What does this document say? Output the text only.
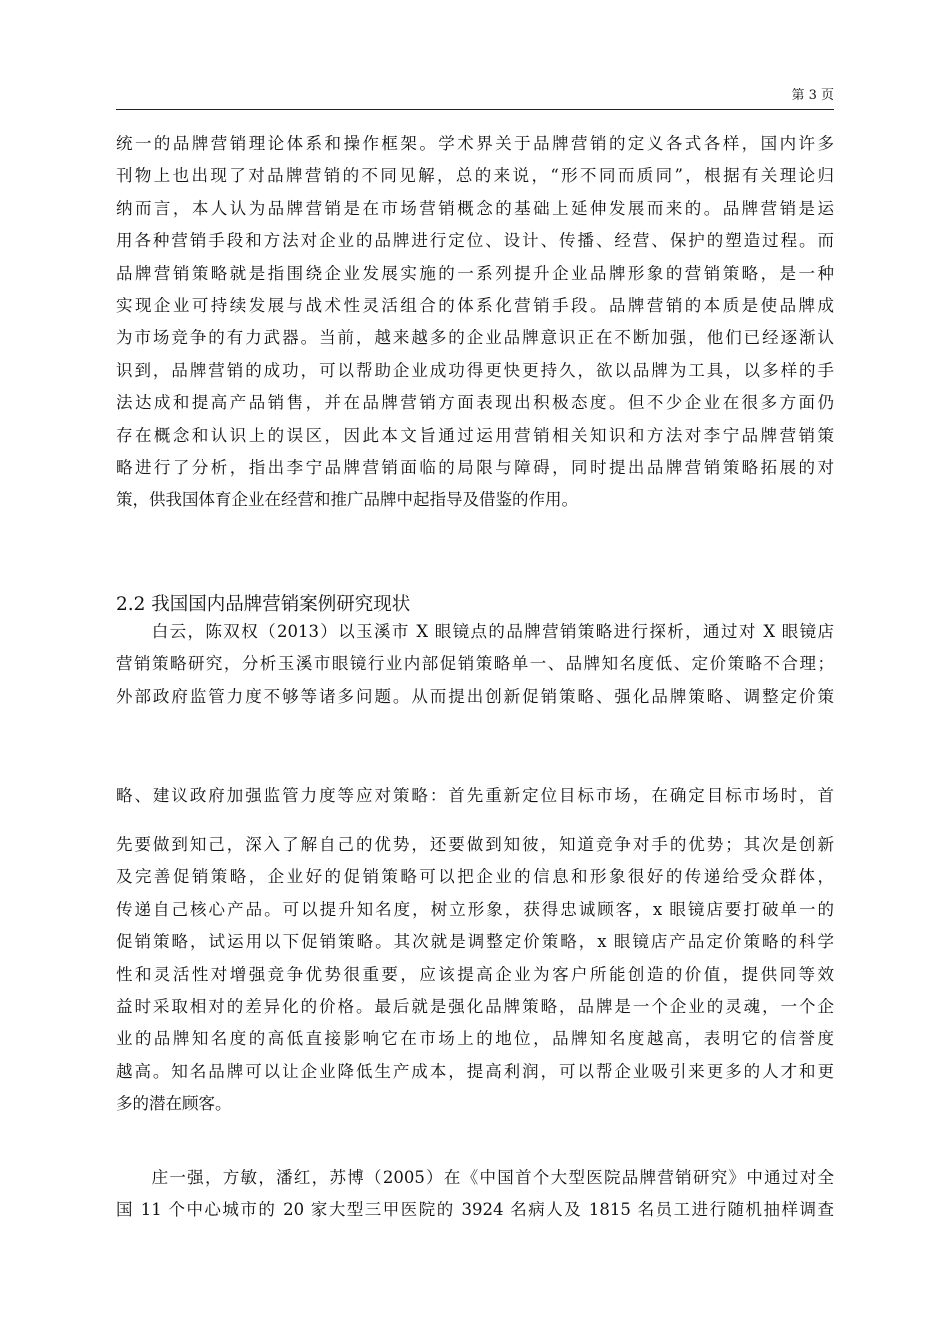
第 3 页
统一的品牌营销理论体系和操作框架。学术界关于品牌营销的定义各式各样，国内许多
刊物上也出现了对品牌营销的不同见解，总的来说，“形不同而质同”，根据有关理论归
纳而言，本人认为品牌营销是在市场营销概念的基础上延伸发展而来的。品牌营销是运
用各种营销手段和方法对企业的品牌进行定位、设计、传播、经营、保护的塑造过程。而
品牌营销策略就是指围绕企业发展实施的一系列提升企业品牌形象的营销策略，是一种
实现企业可持续发展与战术性灵活组合的体系化营销手段。品牌营销的本质是使品牌成
为市场竞争的有力武器。当前，越来越多的企业品牌意识正在不断加强，他们已经逐渐认
识到，品牌营销的成功，可以帮助企业成功得更快更持久，欲以品牌为工具，以多样的手
法达成和提高产品销售，并在品牌营销方面表现出积极态度。但不少企业在很多方面仍
存在概念和认识上的误区，因此本文旨通过运用营销相关知识和方法对李宁品牌营销策
略进行了分析，指出李宁品牌营销面临的局限与障碍，同时提出品牌营销策略拓展的对
策，供我国体育企业在经营和推广品牌中起指导及借鉴的作用。
2.2 我国国内品牌营销案例研究现状
　　白云，陈双权（2013）以玉溪市 X 眼镜点的品牌营销策略进行探析，通过对 X 眼镜店
营销策略研究，分析玉溪市眼镜行业内部促销策略单一、品牌知名度低、定价策略不合理；
外部政府监管力度不够等诸多问题。从而提出创新促销策略、强化品牌策略、调整定价策
略、建议政府加强监管力度等应对策略：首先重新定位目标市场，在确定目标市场时，首
先要做到知己，深入了解自己的优势，还要做到知彼，知道竞争对手的优势；其次是创新
及完善促销策略，企业好的促销策略可以把企业的信息和形象很好的传递给受众群体，
传递自己核心产品。可以提升知名度，树立形象，获得忠诚顾客，x 眼镜店要打破单一的
促销策略，试运用以下促销策略。其次就是调整定价策略，x 眼镜店产品定价策略的科学
性和灵活性对增强竞争优势很重要，应该提高企业为客户所能创造的价值，提供同等效
益时采取相对的差异化的价格。最后就是强化品牌策略，品牌是一个企业的灵魂，一个企
业的品牌知名度的高低直接影响它在市场上的地位，品牌知名度越高，表明它的信誉度
越高。知名品牌可以让企业降低生产成本，提高利润，可以帮企业吸引来更多的人才和更
多的潜在顾客。
　　庄一强，方敏，潘红，苏博（2005）在《中国首个大型医院品牌营销研究》中通过对全
国 11 个中心城市的 20 家大型三甲医院的 3924 名病人及 1815 名员工进行随机抽样调查
